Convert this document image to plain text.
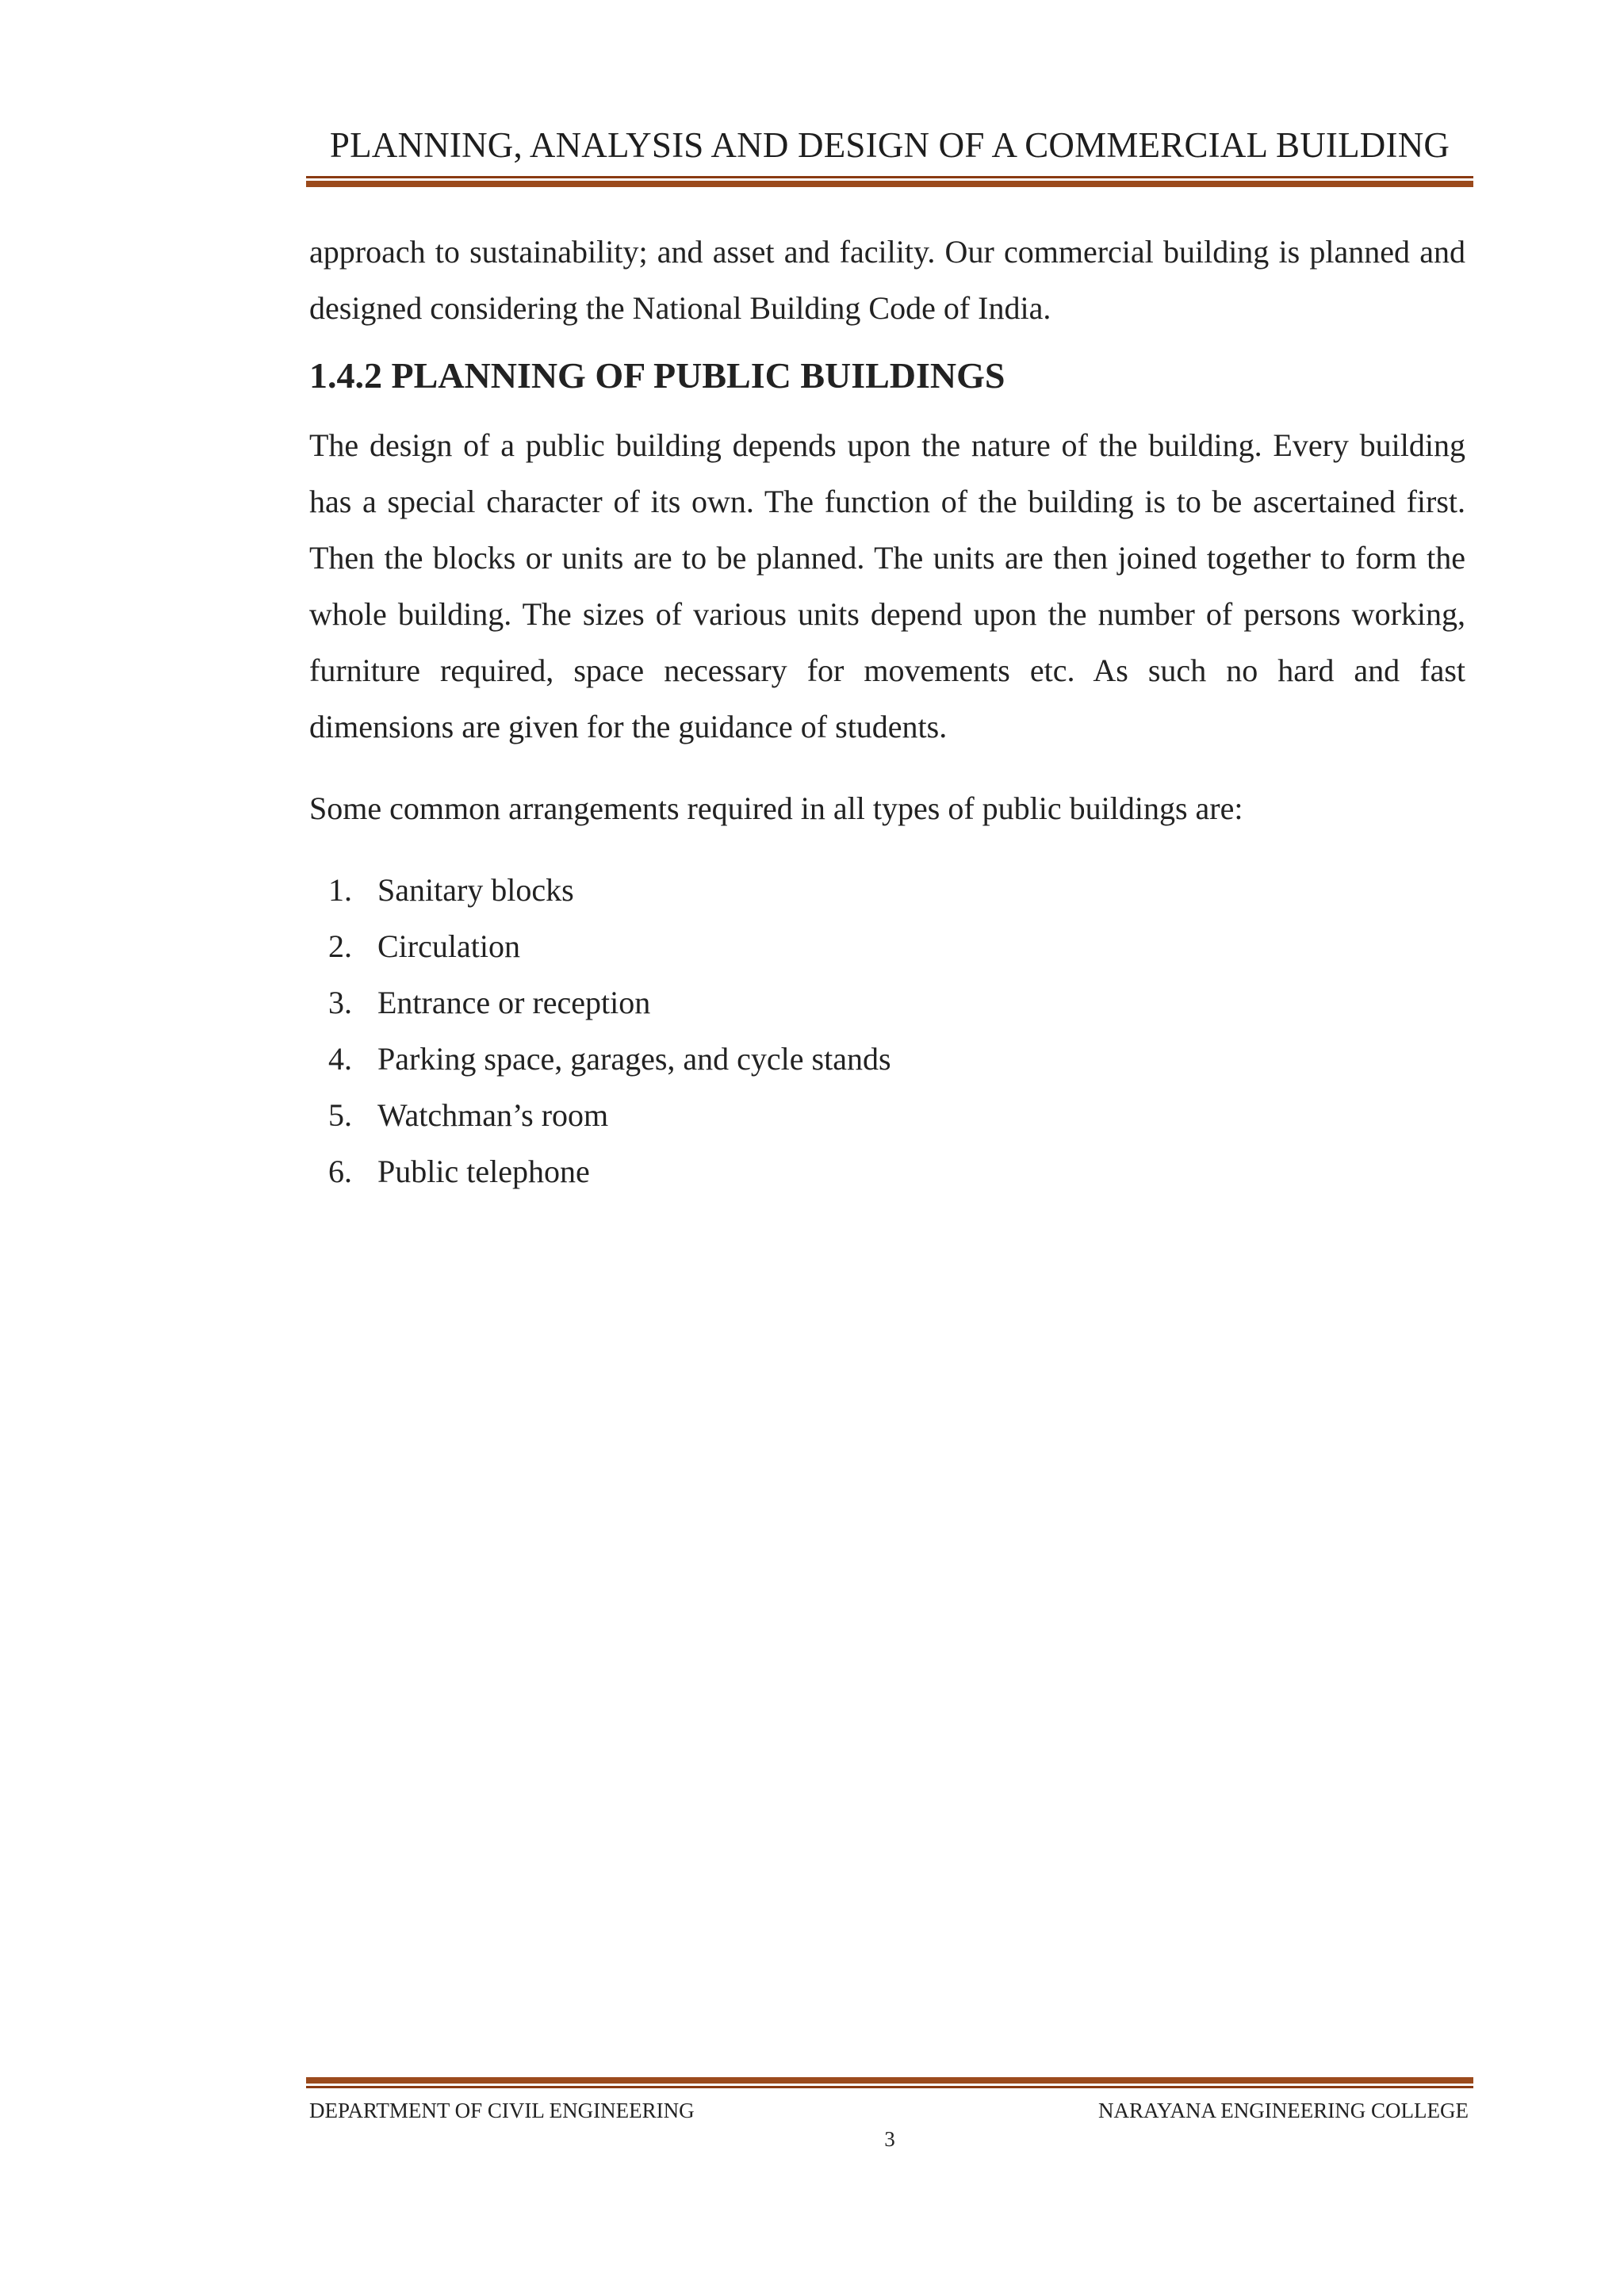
PLANNING, ANALYSIS AND DESIGN OF A COMMERCIAL BUILDING

approach to sustainability; and asset and facility. Our commercial building is planned and designed considering the National Building Code of India.

1.4.2 PLANNING OF PUBLIC BUILDINGS

The design of a public building depends upon the nature of the building. Every building has a special character of its own. The function of the building is to be ascertained first. Then the blocks or units are to be planned. The units are then joined together to form the whole building. The sizes of various units depend upon the number of persons working, furniture required, space necessary for movements etc. As such no hard and fast dimensions are given for the guidance of students.

Some common arrangements required in all types of public buildings are:

1. Sanitary blocks
2. Circulation
3. Entrance or reception
4. Parking space, garages, and cycle stands
5. Watchman’s room
6. Public telephone
DEPARTMENT OF CIVIL ENGINEERING	NARAYANA ENGINEERING COLLEGE
3
